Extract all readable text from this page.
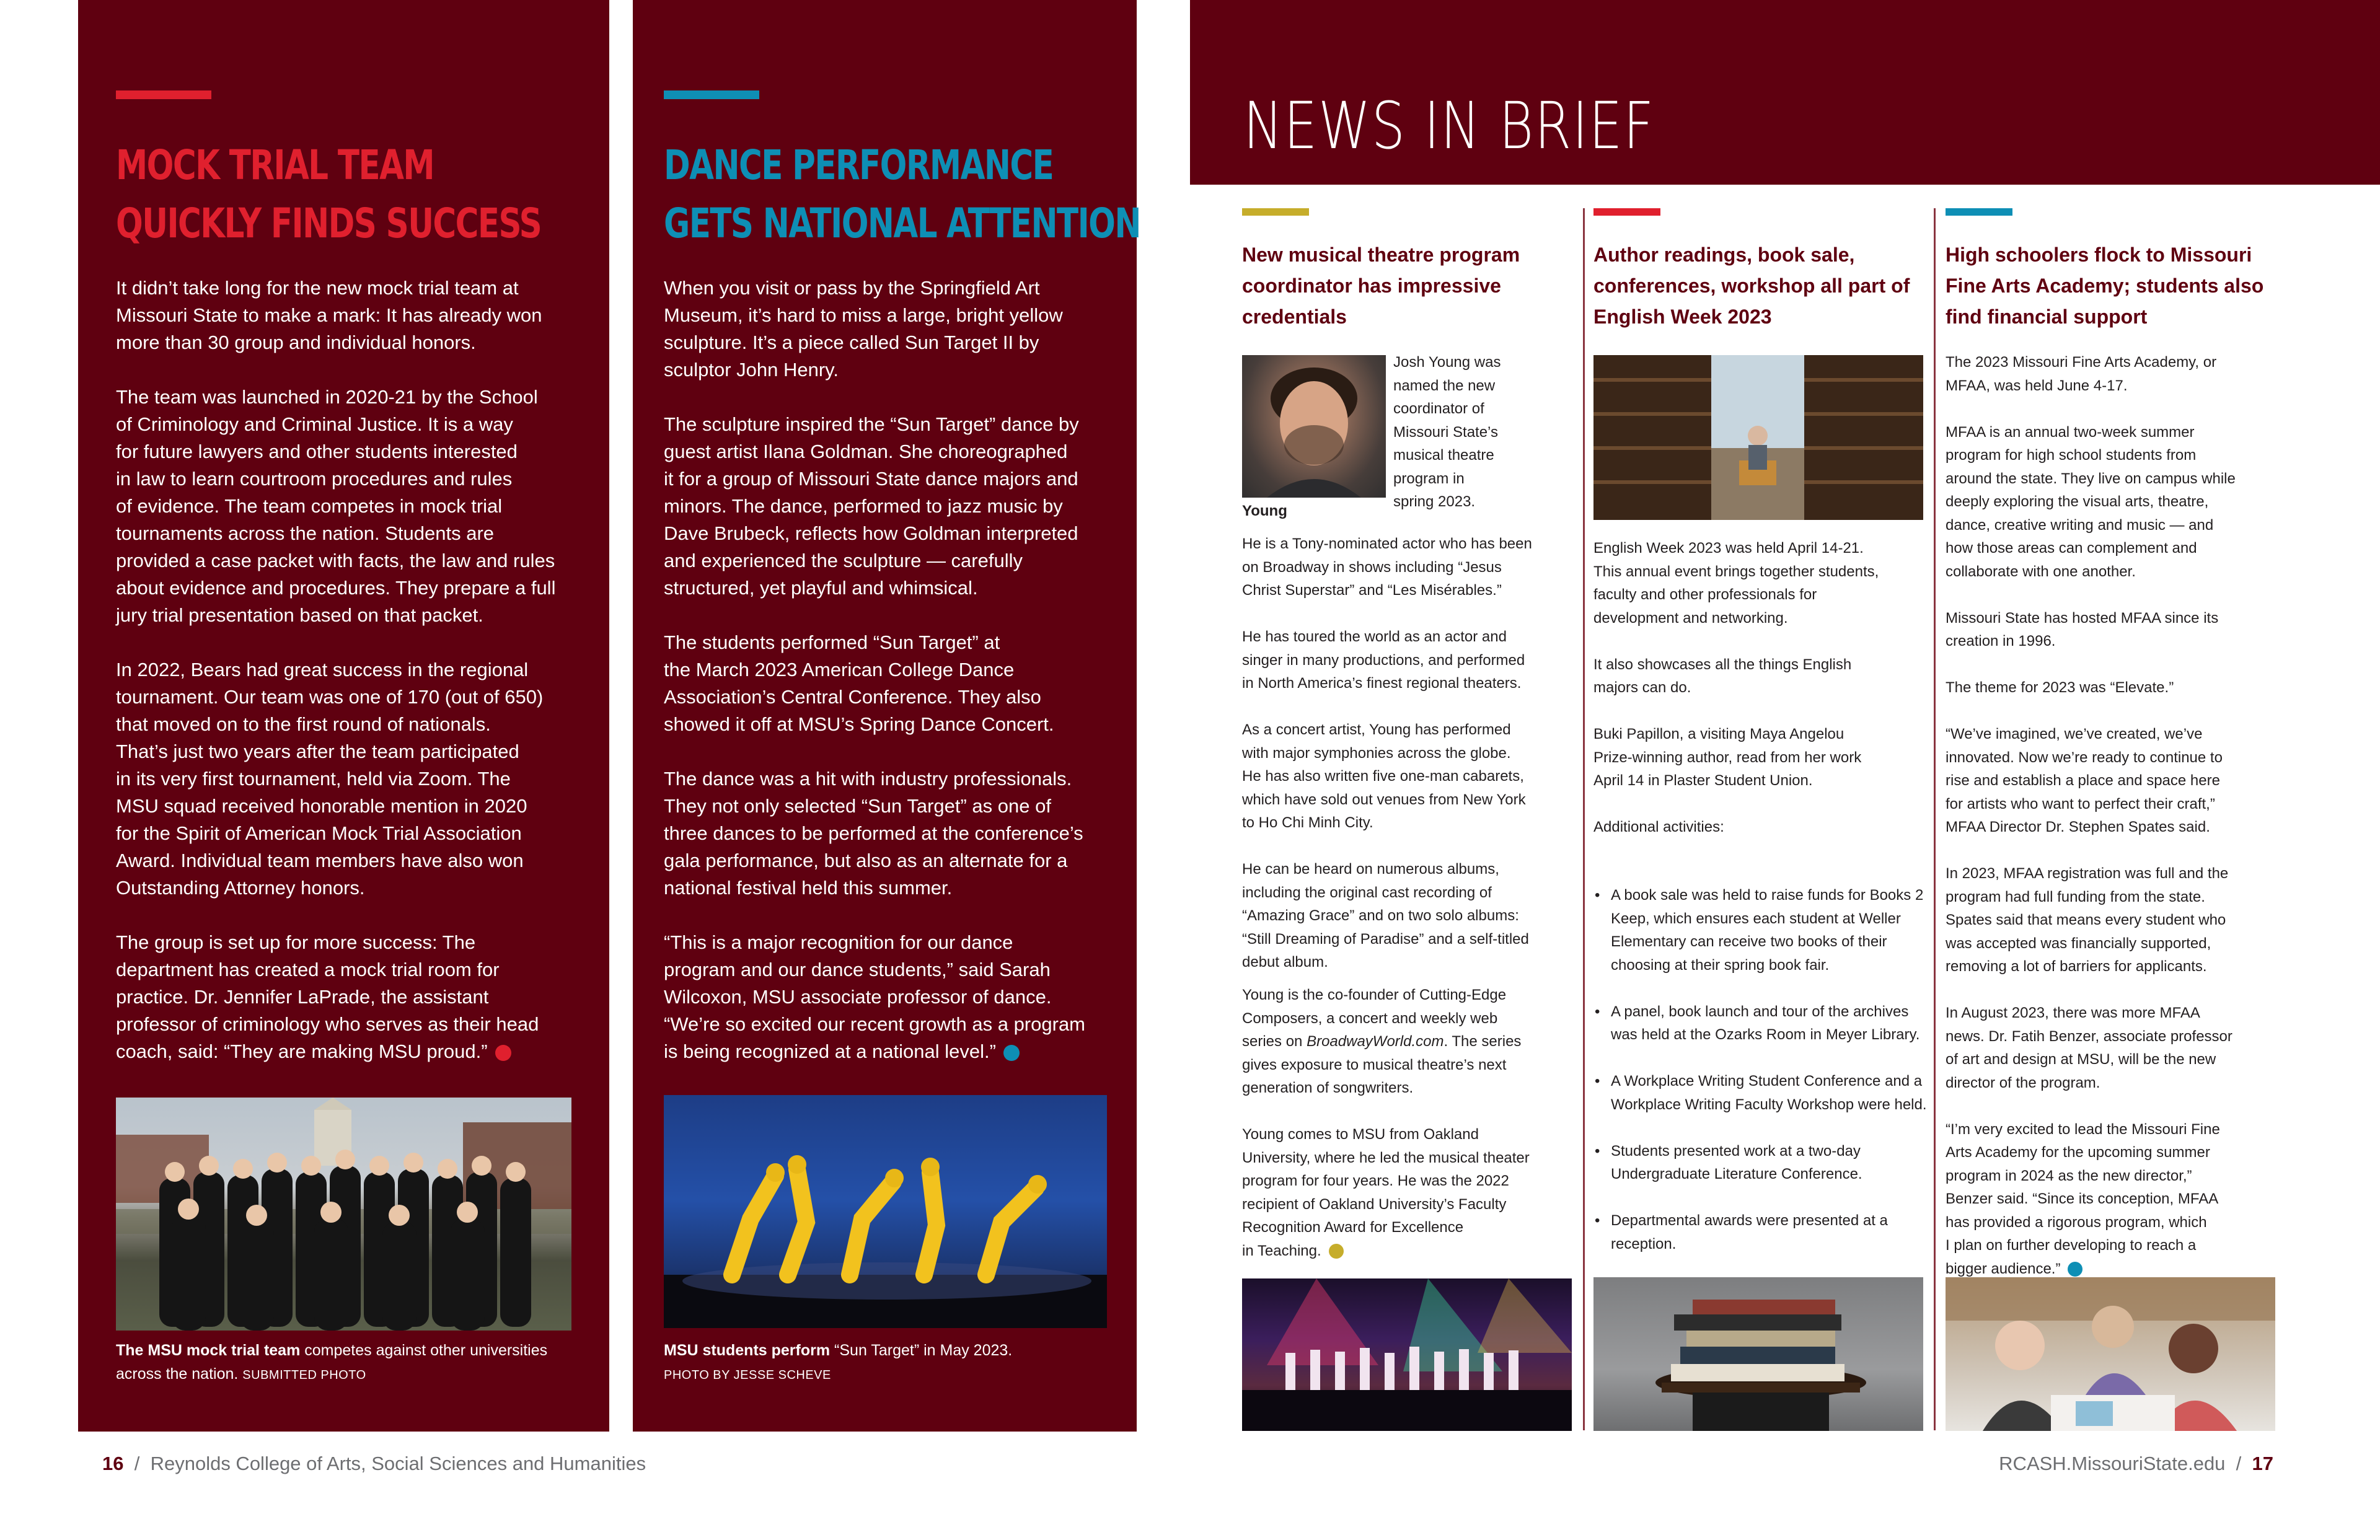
MOCK TRIAL TEAM
QUICKLY FINDS SUCCESS
It didn’t take long for the new mock trial team at
Missouri State to make a mark: It has already won
more than 30 group and individual honors.

The team was launched in 2020-21 by the School
of Criminology and Criminal Justice. It is a way
for future lawyers and other students interested
in law to learn courtroom procedures and rules
of evidence. The team competes in mock trial
tournaments across the nation. Students are
provided a case packet with facts, the law and rules
about evidence and procedures. They prepare a full
jury trial presentation based on that packet.

In 2022, Bears had great success in the regional
tournament. Our team was one of 170 (out of 650)
that moved on to the first round of nationals.
That’s just two years after the team participated
in its very first tournament, held via Zoom. The
MSU squad received honorable mention in 2020
for the Spirit of American Mock Trial Association
Award. Individual team members have also won
Outstanding Attorney honors.

The group is set up for more success: The
department has created a mock trial room for
practice. Dr. Jennifer LaPrade, the assistant
professor of criminology who serves as their head
coach, said: “They are making MSU proud.”
The MSU mock trial team competes against other universities across the nation. SUBMITTED PHOTO
DANCE PERFORMANCE
GETS NATIONAL ATTENTION
When you visit or pass by the Springfield Art
Museum, it’s hard to miss a large, bright yellow
sculpture. It’s a piece called Sun Target II by
sculptor John Henry.

The sculpture inspired the “Sun Target” dance by
guest artist Ilana Goldman. She choreographed
it for a group of Missouri State dance majors and
minors. The dance, performed to jazz music by
Dave Brubeck, reflects how Goldman interpreted
and experienced the sculpture — carefully
structured, yet playful and whimsical.

The students performed “Sun Target” at
the March 2023 American College Dance
Association’s Central Conference. They also
showed it off at MSU’s Spring Dance Concert.

The dance was a hit with industry professionals.
They not only selected “Sun Target” as one of
three dances to be performed at the conference’s
gala performance, but also as an alternate for a
national festival held this summer.

“This is a major recognition for our dance
program and our dance students,” said Sarah
Wilcoxon, MSU associate professor of dance.
“We’re so excited our recent growth as a program
is being recognized at a national level.”
MSU students perform “Sun Target” in May 2023.
PHOTO BY JESSE SCHEVE
NEWS IN BRIEF
New musical theatre program coordinator has impressive credentials
Young
Josh Young was
named the new
coordinator of
Missouri State’s
musical theatre
program in
spring 2023.
He is a Tony-nominated actor who has been
on Broadway in shows including “Jesus
Christ Superstar” and “Les Misérables.”

He has toured the world as an actor and
singer in many productions, and performed
in North America’s finest regional theaters.

As a concert artist, Young has performed
with major symphonies across the globe.
He has also written five one-man cabarets,
which have sold out venues from New York
to Ho Chi Minh City.

He can be heard on numerous albums,
including the original cast recording of
“Amazing Grace” and on two solo albums:
“Still Dreaming of Paradise” and a self-titled
debut album.
Young is the co-founder of Cutting-Edge
Composers, a concert and weekly web
series on BroadwayWorld.com. The series
gives exposure to musical theatre’s next
generation of songwriters.

Young comes to MSU from Oakland
University, where he led the musical theater
program for four years. He was the 2022
recipient of Oakland University’s Faculty
Recognition Award for Excellence
in Teaching.
Author readings, book sale, conferences, workshop all part of English Week 2023
English Week 2023 was held April 14-21.
This annual event brings together students,
faculty and other professionals for
development and networking.

It also showcases all the things English
majors can do.

Buki Papillon, a visiting Maya Angelou
Prize-winning author, read from her work
April 14 in Plaster Student Union.

Additional activities:

• A book sale was held to raise funds for Books 2 Keep, which ensures each student at Weller Elementary can receive two books of their choosing at their spring book fair.

• A panel, book launch and tour of the archives was held at the Ozarks Room in Meyer Library.

• A Workplace Writing Student Conference and a Workplace Writing Faculty Workshop were held.

• Students presented work at a two-day Undergraduate Literature Conference.

• Departmental awards were presented at a reception.

•

High schoolers flock to Missouri Fine Arts Academy; students also find financial support
The 2023 Missouri Fine Arts Academy, or
MFAA, was held June 4-17.

MFAA is an annual two-week summer
program for high school students from
around the state. They live on campus while
deeply exploring the visual arts, theatre,
dance, creative writing and music — and
how those areas can complement and
collaborate with one another.

Missouri State has hosted MFAA since its
creation in 1996.

The theme for 2023 was “Elevate.”

“We’ve imagined, we’ve created, we’ve
innovated. Now we’re ready to continue to
rise and establish a place and space here
for artists who want to perfect their craft,”
MFAA Director Dr. Stephen Spates said.

In 2023, MFAA registration was full and the
program had full funding from the state.
Spates said that means every student who
was accepted was financially supported,
removing a lot of barriers for applicants.

In August 2023, there was more MFAA
news. Dr. Fatih Benzer, associate professor
of art and design at MSU, will be the new
director of the program.

“I’m very excited to lead the Missouri Fine
Arts Academy for the upcoming summer
program in 2024 as the new director,”
Benzer said. “Since its conception, MFAA
has provided a rigorous program, which
I plan on further developing to reach a
bigger audience.”
16 / Reynolds College of Arts, Social Sciences and Humanities	RCASH.MissouriState.edu / 17
